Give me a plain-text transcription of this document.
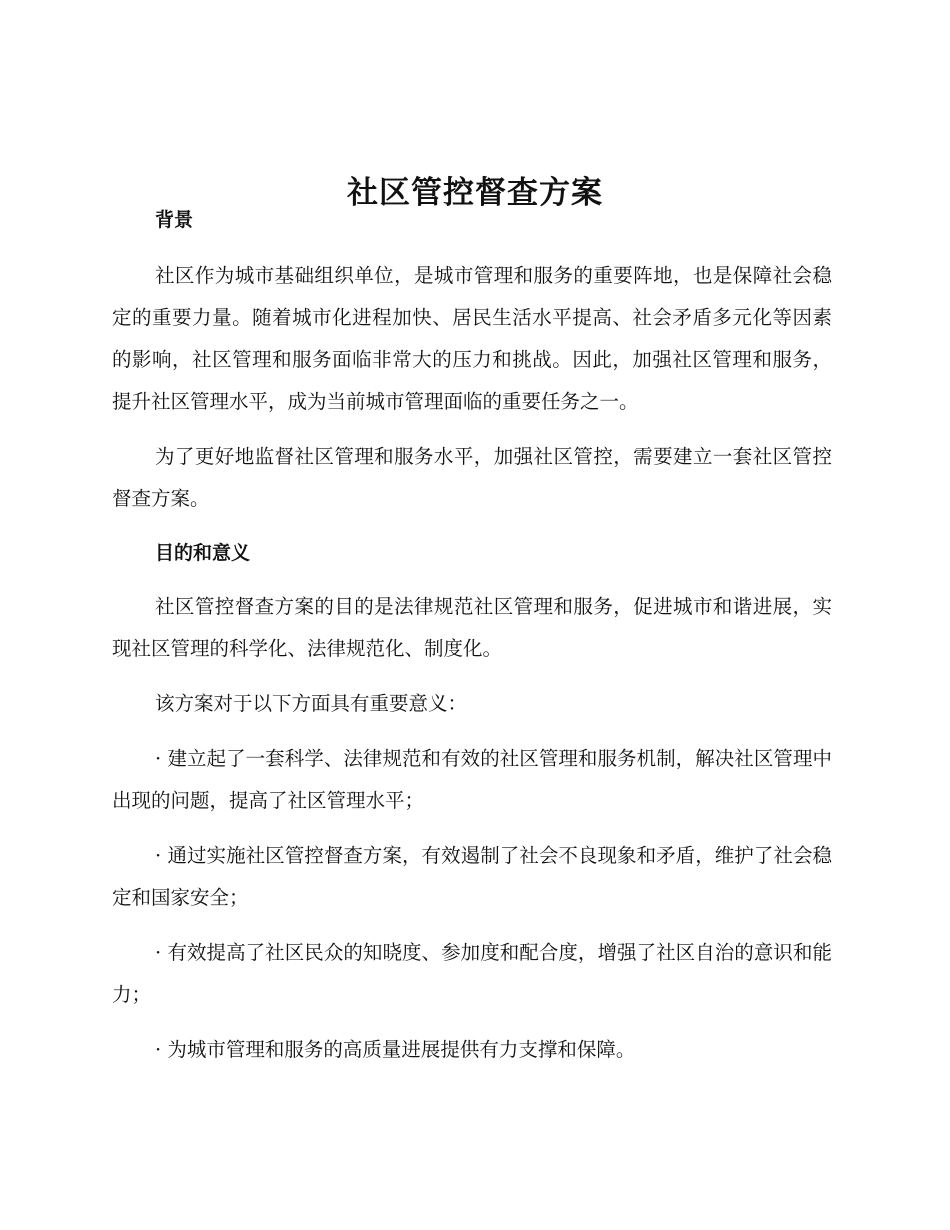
社区管控督查方案
背景

社区作为城市基础组织单位，是城市管理和服务的重要阵地，也是保障社会稳定的重要力量。随着城市化进程加快、居民生活水平提高、社会矛盾多元化等因素的影响，社区管理和服务面临非常大的压力和挑战。因此，加强社区管理和服务，提升社区管理水平，成为当前城市管理面临的重要任务之一。

为了更好地监督社区管理和服务水平，加强社区管控，需要建立一套社区管控督查方案。

目的和意义

社区管控督查方案的目的是法律规范社区管理和服务，促进城市和谐进展，实现社区管理的科学化、法律规范化、制度化。

该方案对于以下方面具有重要意义：

· 建立起了一套科学、法律规范和有效的社区管理和服务机制，解决社区管理中出现的问题，提高了社区管理水平；

· 通过实施社区管控督查方案，有效遏制了社会不良现象和矛盾，维护了社会稳定和国家安全；

· 有效提高了社区民众的知晓度、参加度和配合度，增强了社区自治的意识和能力；

· 为城市管理和服务的高质量进展提供有力支撑和保障。
